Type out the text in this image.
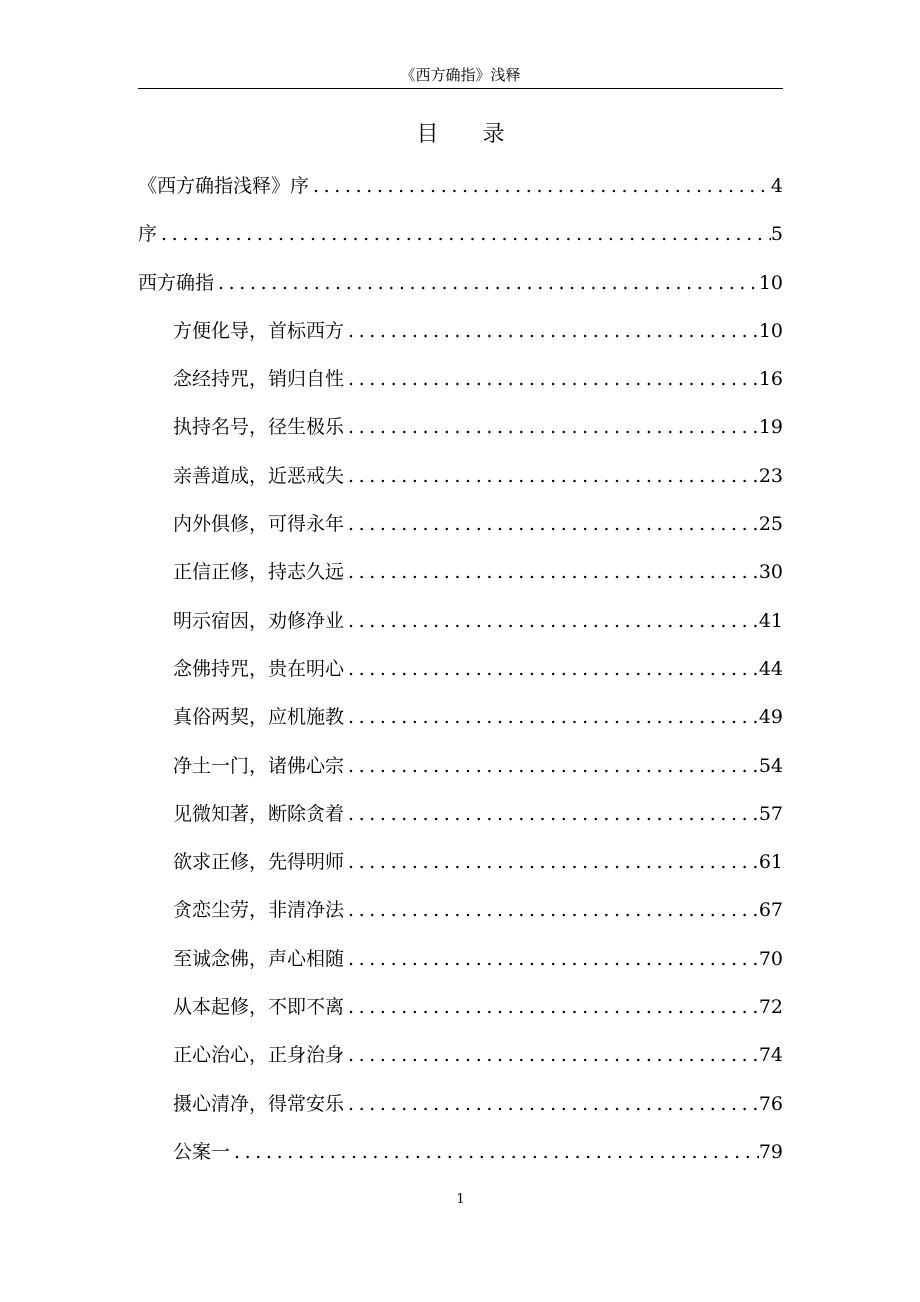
《西方确指》浅释
目 录
《西方确指浅释》序 .....	4
序 .....	5
西方确指 .....	10
方便化导，首标西方 .....	10
念经持咒，销归自性 .....	16
执持名号，径生极乐 .....	19
亲善道成，近恶戒失 .....	23
内外俱修，可得永年 .....	25
正信正修，持志久远 .....	30
明示宿因，劝修净业 .....	41
念佛持咒，贵在明心 .....	44
真俗两契，应机施教 .....	49
净土一门，诸佛心宗 .....	54
见微知著，断除贪着 .....	57
欲求正修，先得明师 .....	61
贪恋尘劳，非清净法 .....	67
至诚念佛，声心相随 .....	70
从本起修，不即不离 .....	72
正心治心，正身治身 .....	74
摄心清净，得常安乐 .....	76
公案一 .....	79
1
